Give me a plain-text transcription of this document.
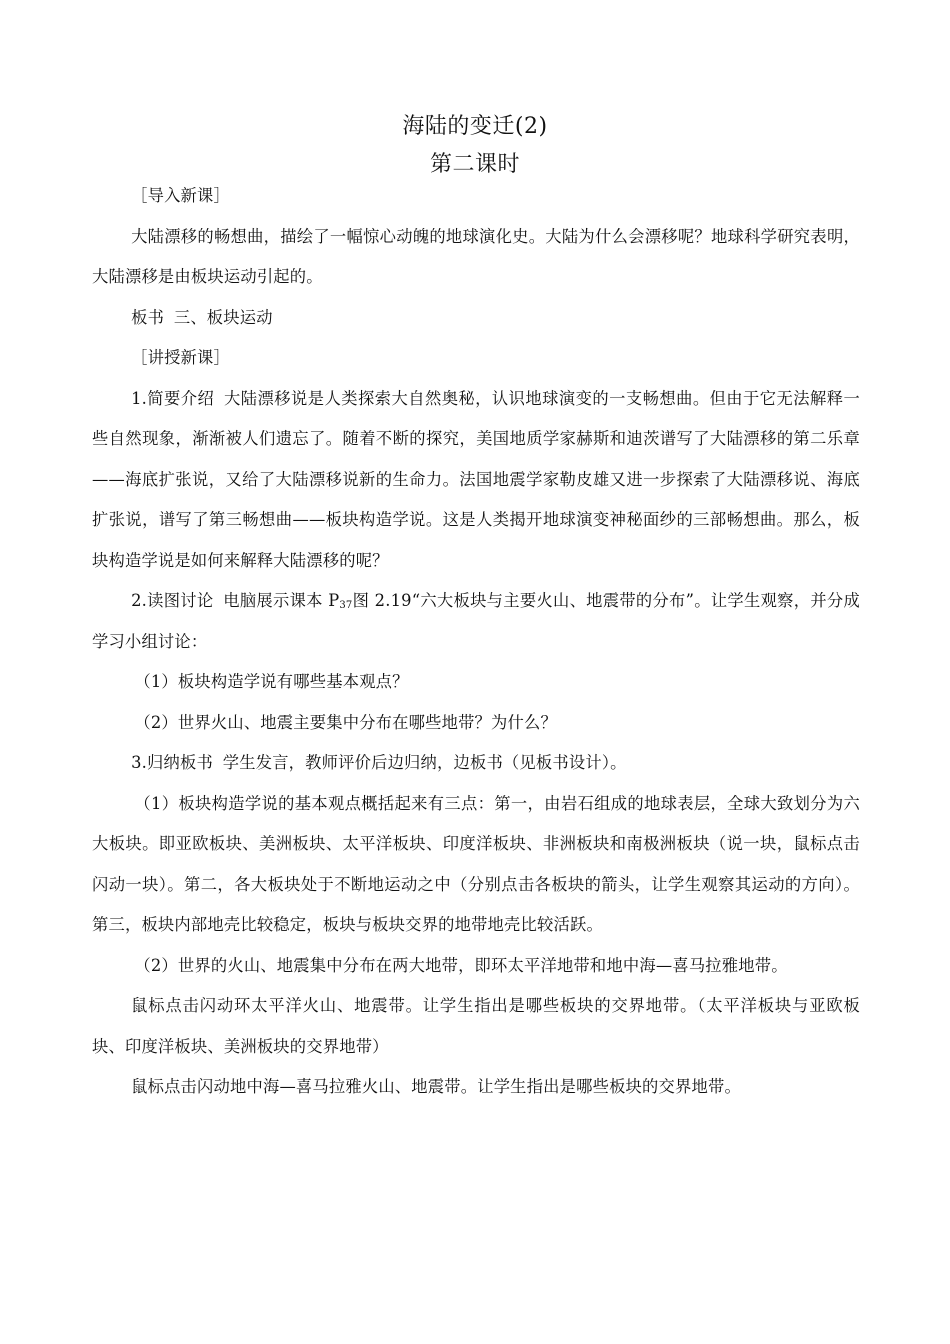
海陆的变迁(2)
第二课时

［导入新课］

大陆漂移的畅想曲，描绘了一幅惊心动魄的地球演化史。大陆为什么会漂移呢？地球科学研究表明，大陆漂移是由板块运动引起的。

板书 三、板块运动

［讲授新课］

1.简要介绍 大陆漂移说是人类探索大自然奥秘，认识地球演变的一支畅想曲。但由于它无法解释一些自然现象，渐渐被人们遗忘了。随着不断的探究，美国地质学家赫斯和迪茨谱写了大陆漂移的第二乐章——海底扩张说，又给了大陆漂移说新的生命力。法国地震学家勒皮雄又进一步探索了大陆漂移说、海底扩张说，谱写了第三畅想曲——板块构造学说。这是人类揭开地球演变神秘面纱的三部畅想曲。那么，板块构造学说是如何来解释大陆漂移的呢？

2.读图讨论 电脑展示课本 $P_{37}$图 2.19“六大板块与主要火山、地震带的分布”。让学生观察，并分成学习小组讨论：

（1）板块构造学说有哪些基本观点？

（2）世界火山、地震主要集中分布在哪些地带？为什么？

3.归纳板书 学生发言，教师评价后边归纳，边板书（见板书设计）。

（1）板块构造学说的基本观点概括起来有三点：第一，由岩石组成的地球表层，全球大致划分为六大板块。即亚欧板块、美洲板块、太平洋板块、印度洋板块、非洲板块和南极洲板块（说一块，鼠标点击闪动一块）。第二，各大板块处于不断地运动之中（分别点击各板块的箭头，让学生观察其运动的方向）。第三，板块内部地壳比较稳定，板块与板块交界的地带地壳比较活跃。

（2）世界的火山、地震集中分布在两大地带，即环太平洋地带和地中海—喜马拉雅地带。

鼠标点击闪动环太平洋火山、地震带。让学生指出是哪些板块的交界地带。（太平洋板块与亚欧板块、印度洋板块、美洲板块的交界地带）

鼠标点击闪动地中海—喜马拉雅火山、地震带。让学生指出是哪些板块的交界地带。
